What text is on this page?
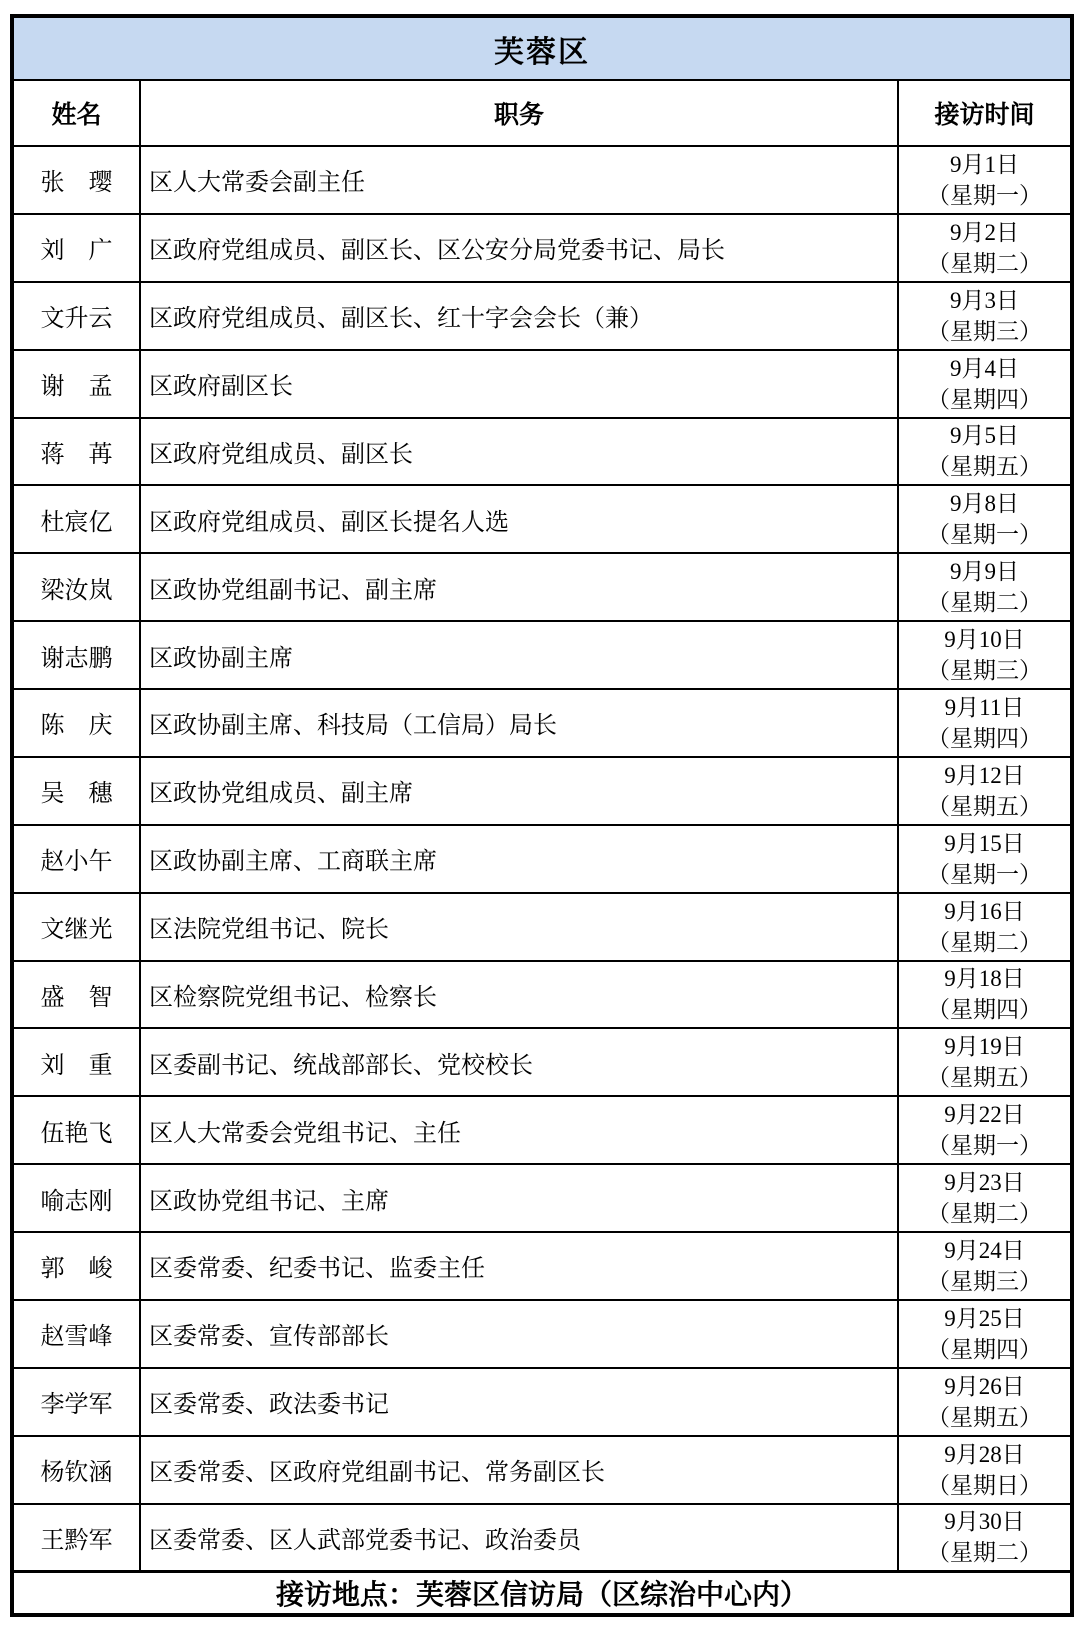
芙蓉区		
姓名	职务	接访时间
张　璎	区人大常委会副主任	9月1日
（星期一）

刘　广	区政府党组成员、副区长、区公安分局党委书记、局长	9月2日
（星期二）

文升云	区政府党组成员、副区长、红十字会会长（兼）	9月3日
（星期三）

谢　孟	区政府副区长	9月4日
（星期四）

蒋　苒	区政府党组成员、副区长	9月5日
（星期五）

杜宸亿	区政府党组成员、副区长提名人选	9月8日
（星期一）

梁汝岚	区政协党组副书记、副主席	9月9日
（星期二）

谢志鹏	区政协副主席	9月10日
（星期三）

陈　庆	区政协副主席、科技局（工信局）局长	9月11日
（星期四）

吴　穗	区政协党组成员、副主席	9月12日
（星期五）

赵小午	区政协副主席、工商联主席	9月15日
（星期一）

文继光	区法院党组书记、院长	9月16日
（星期二）

盛　智	区检察院党组书记、检察长	9月18日
（星期四）

刘　重	区委副书记、统战部部长、党校校长	9月19日
（星期五）

伍艳飞	区人大常委会党组书记、主任	9月22日
（星期一）

喻志刚	区政协党组书记、主席	9月23日
（星期二）

郭　峻	区委常委、纪委书记、监委主任	9月24日
（星期三）

赵雪峰	区委常委、宣传部部长	9月25日
（星期四）

李学军	区委常委、政法委书记	9月26日
（星期五）

杨钦涵	区委常委、区政府党组副书记、常务副区长	9月28日
（星期日）

王黔军	区委常委、区人武部党委书记、政治委员	9月30日
（星期二）

接访地点：芙蓉区信访局（区综治中心内）		
